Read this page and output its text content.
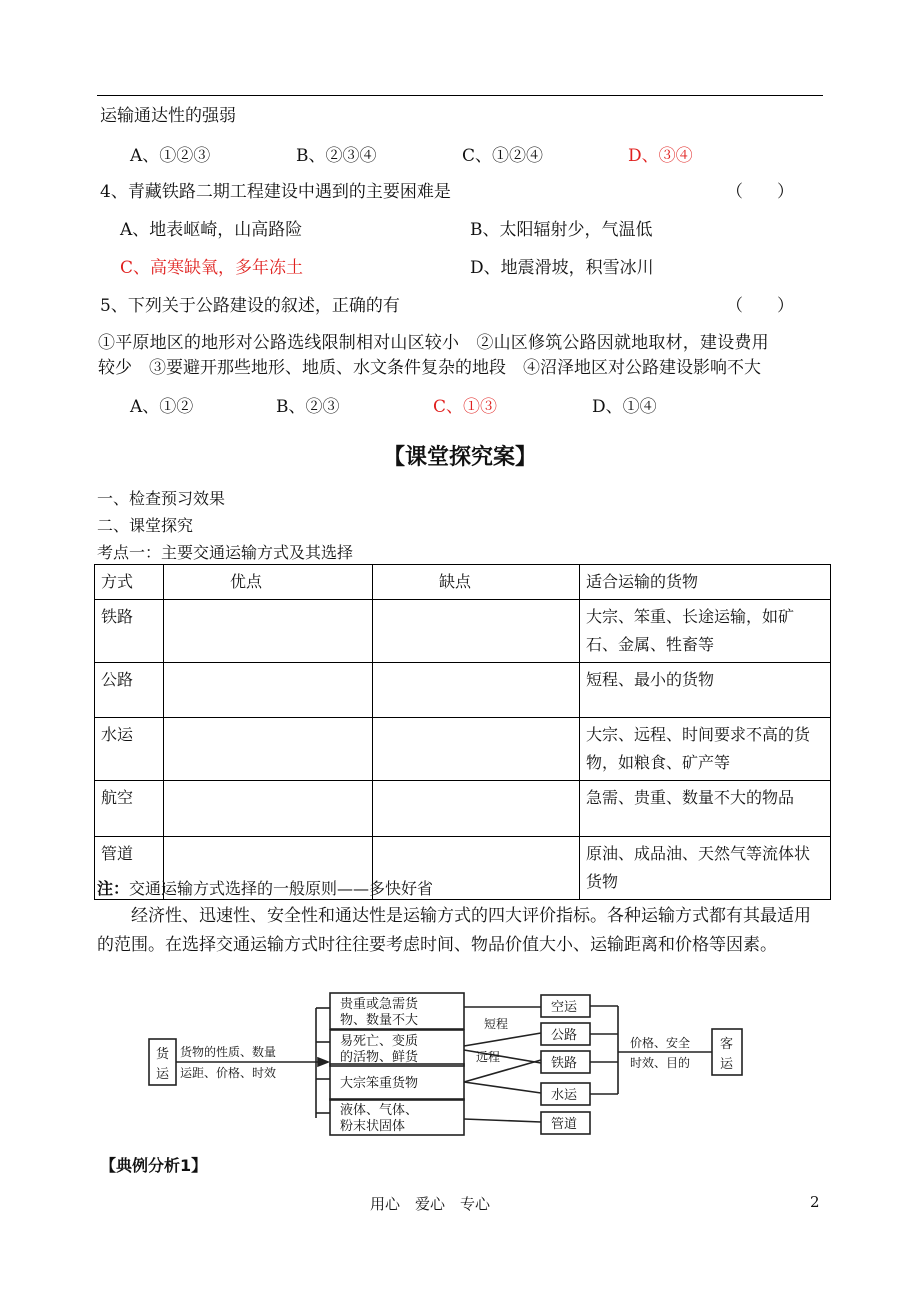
运输通达性的强弱
A、①②③	B、②③④	C、①②④	D、③④
4、青藏铁路二期工程建设中遇到的主要困难是	（　　）
A、地表岖崎，山高路险	B、太阳辐射少，气温低
C、高寒缺氧，多年冻土	D、地震滑坡，积雪冰川
5、下列关于公路建设的叙述，正确的有	（　　）
①平原地区的地形对公路选线限制相对山区较小　②山区修筑公路因就地取材，建设费用
较少　③要避开那些地形、地质、水文条件复杂的地段　④沼泽地区对公路建设影响不大
A、①②	B、②③	C、①③	D、①④
【课堂探究案】
一、检查预习效果
二、课堂探究
考点一：主要交通运输方式及其选择
方式	优点	缺点	适合运输的货物
铁路			大宗、笨重、长途运输，如矿石、金属、牲畜等
公路			短程、最小的货物
水运			大宗、远程、时间要求不高的货物，如粮食、矿产等
航空			急需、贵重、数量不大的物品
管道			原油、成品油、天然气等流体状货物
注：交通运输方式选择的一般原则——多快好省
经济性、迅速性、安全性和通达性是运输方式的四大评价指标。各种运输方式都有其最适用的范围。在选择交通运输方式时往往要考虑时间、物品价值大小、运输距离和价格等因素。
货
运
货物的性质、数量
运距、价格、时效
贵重或急需货
物、数量不大
易死亡、变质
的活物、鲜货
大宗笨重货物
液体、气体、
粉末状固体
短程
远程
空运
公路
铁路
水运
管道
价格、安全
时效、目的
客
运
【典例分析1】
用心　爱心　专心	2
